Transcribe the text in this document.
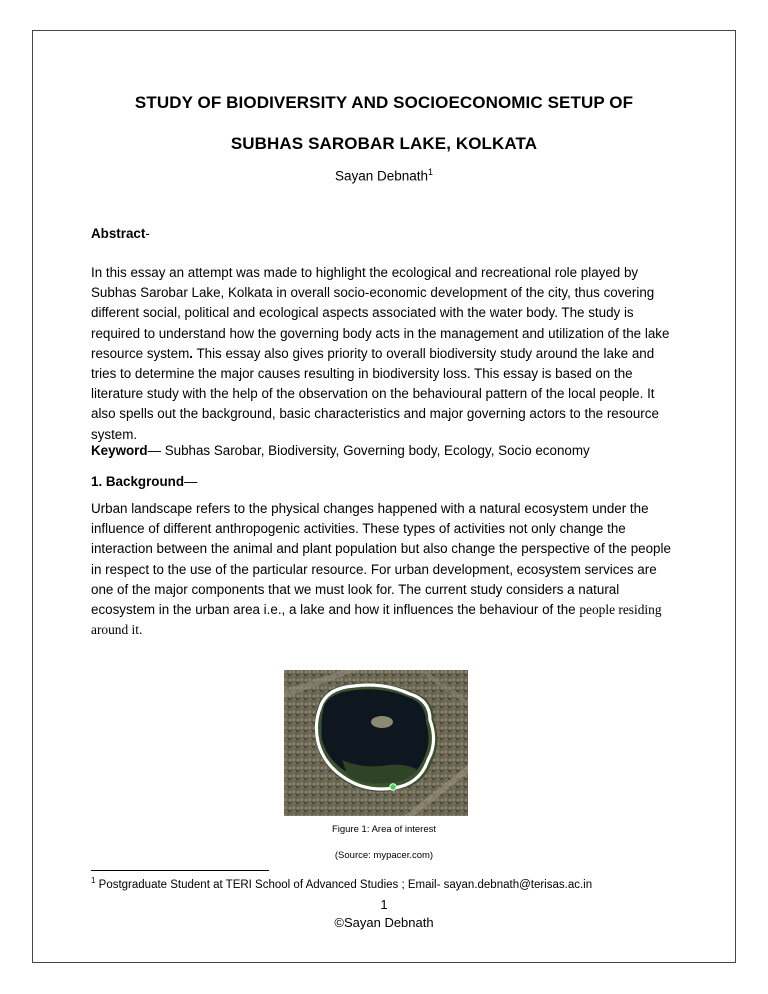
STUDY OF BIODIVERSITY AND SOCIOECONOMIC SETUP OF
SUBHAS SAROBAR LAKE, KOLKATA
Sayan Debnath$^1$
Abstract-
In this essay an attempt was made to highlight the ecological and recreational role played by Subhas Sarobar Lake, Kolkata in overall socio-economic development of the city, thus covering different social, political and ecological aspects associated with the water body. The study is required to understand how the governing body acts in the management and utilization of the lake resource system. This essay also gives priority to overall biodiversity study around the lake and tries to determine the major causes resulting in biodiversity loss. This essay is based on the literature study with the help of the observation on the behavioural pattern of the local people. It also spells out the background, basic characteristics and major governing actors to the resource system.
Keyword— Subhas Sarobar, Biodiversity, Governing body, Ecology, Socio economy
1. Background—
Urban landscape refers to the physical changes happened with a natural ecosystem under the influence of different anthropogenic activities. These types of activities not only change the interaction between the animal and plant population but also change the perspective of the people in respect to the use of the particular resource. For urban development, ecosystem services are one of the major components that we must look for. The current study considers a natural ecosystem in the urban area i.e., a lake and how it influences the behaviour of the people residing around it.
Figure 1: Area of interest
(Source: mypacer.com)
$^1$ Postgraduate Student at TERI School of Advanced Studies ; Email- sayan.debnath@terisas.ac.in
1
©Sayan Debnath
